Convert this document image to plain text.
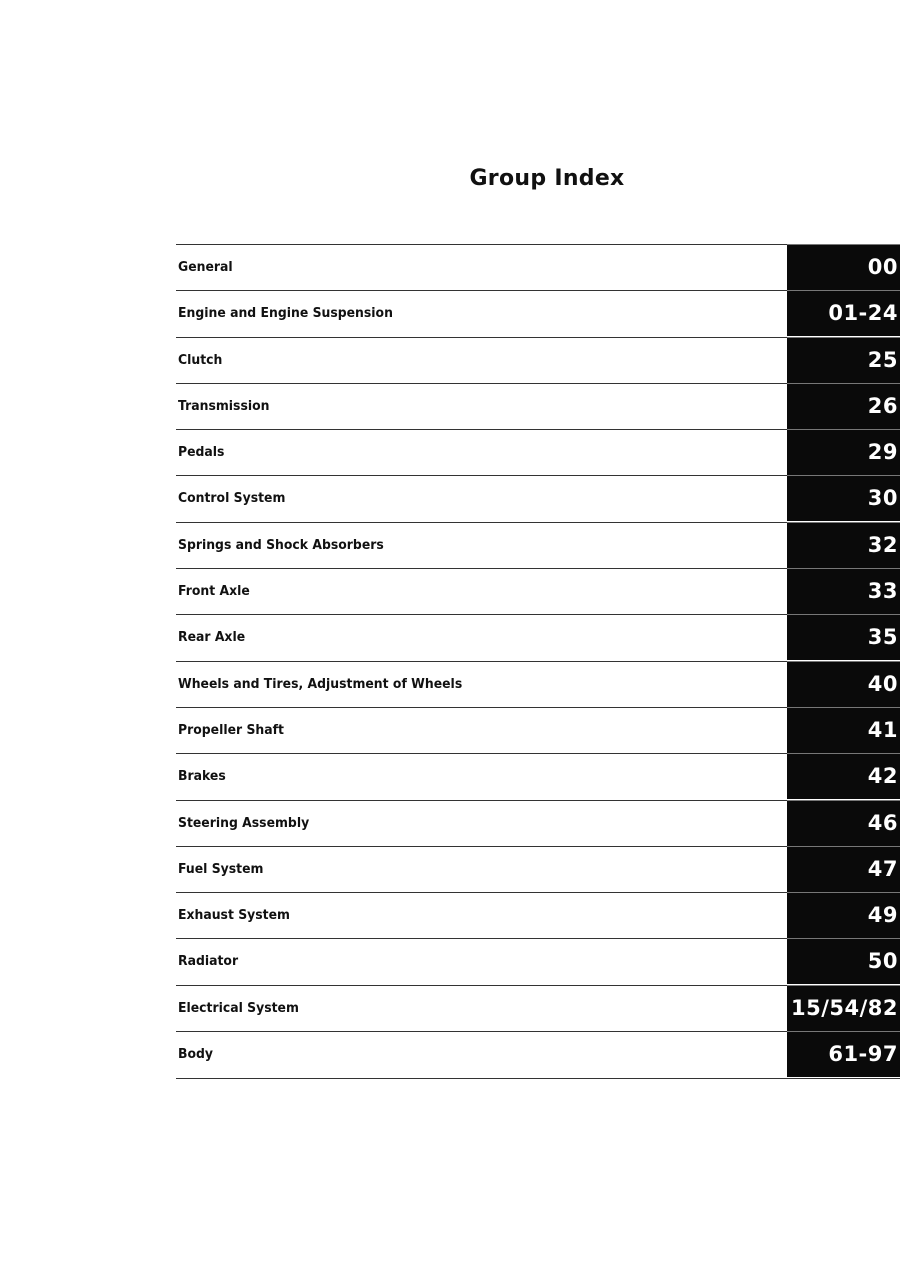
Group Index
General	00
Engine and Engine Suspension	01-24
Clutch	25
Transmission	26
Pedals	29
Control System	30
Springs and Shock Absorbers	32
Front Axle	33
Rear Axle	35
Wheels and Tires, Adjustment of Wheels	40
Propeller Shaft	41
Brakes	42
Steering Assembly	46
Fuel System	47
Exhaust System	49
Radiator	50
Electrical System	15/54/82
Body	61-97
